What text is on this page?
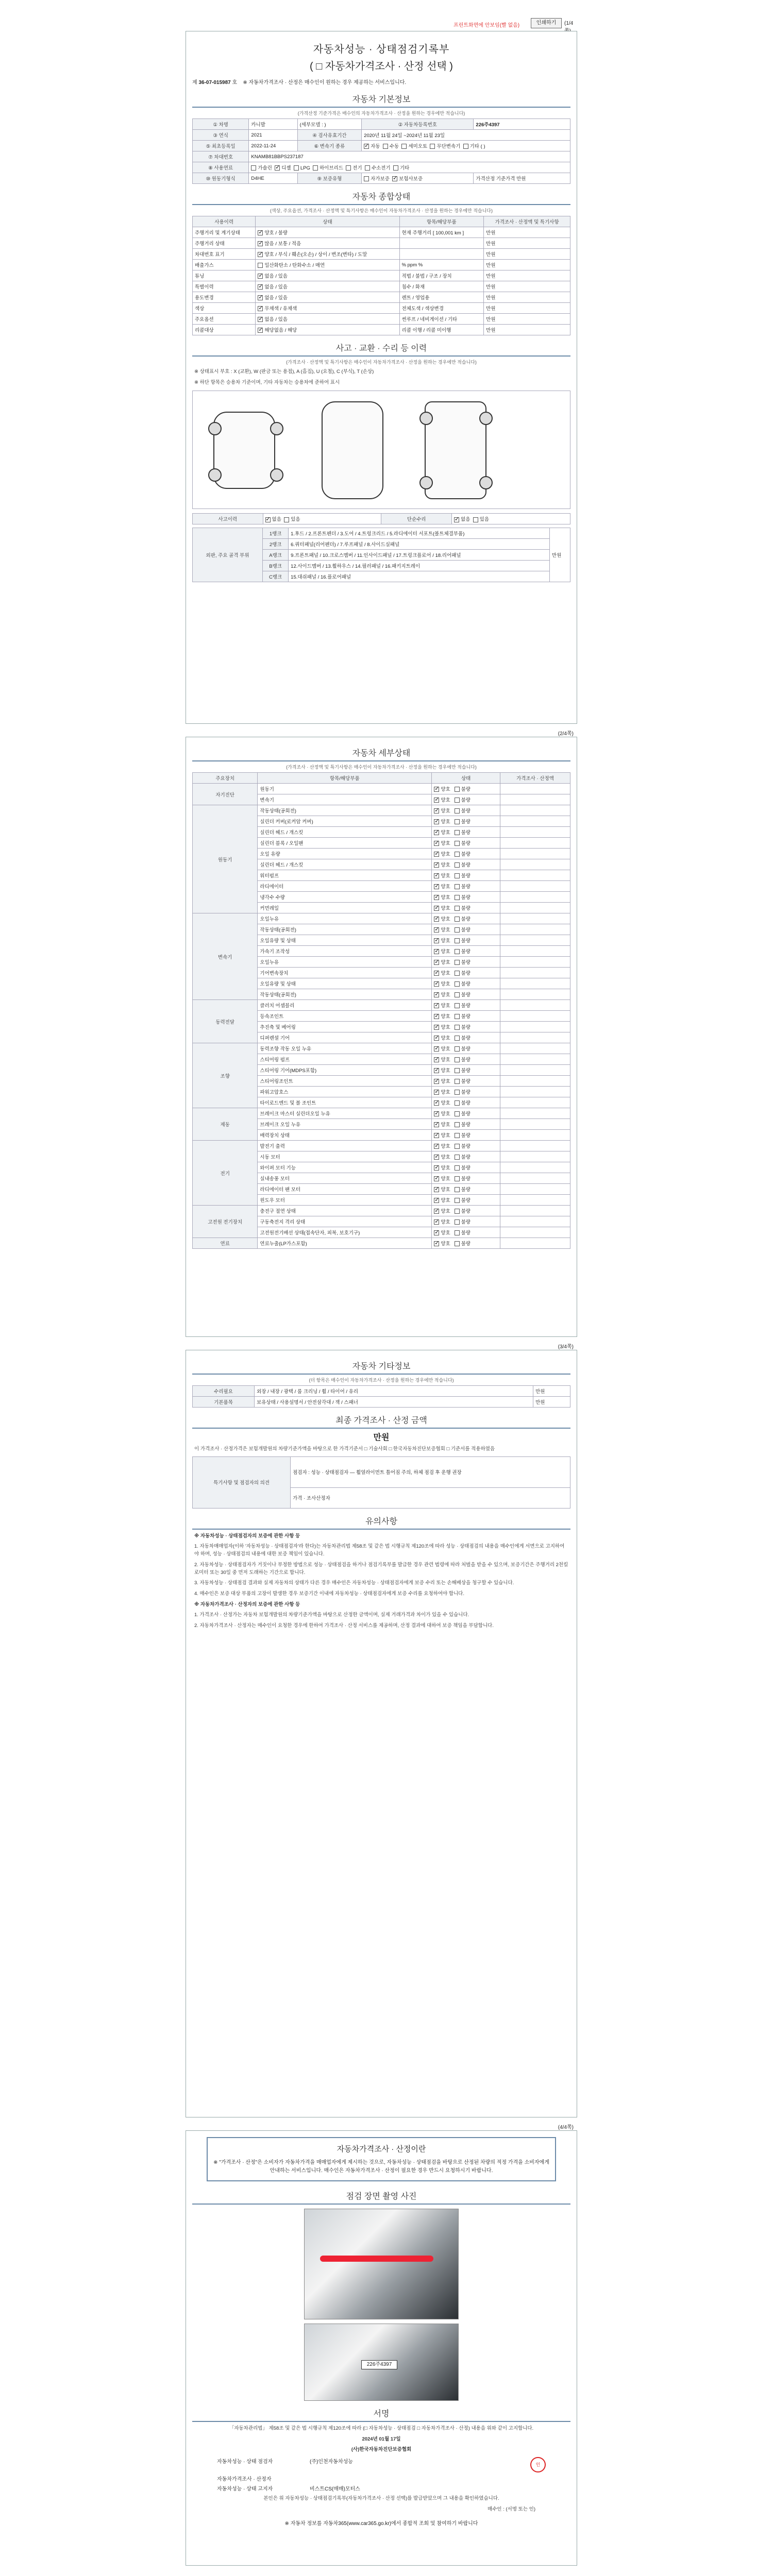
프린트화면에 안보임(빨 없음)	인쇄하기	(1/4
자동차성능 · 상태점검기록부
( □ 자동차가격조사 · 산정 선택 )
제 36-07-015987 호 ※ 자동차가격조사 · 산정은 매수인이 원하는 경우 제공하는 서비스입니다.
자동차 기본정보
(가격산정 기준가격은 매수인의 자동차가격조사 · 산정을 원하는 경우에만 적습니다)
① 차명	카니발	(세부모델 : )	② 자동차등록번호	226주4397
③ 연식	2021	④ 검사유효기간	2020년 11월 24일 ~2024년 11월 23일	
⑤ 최초등록일	2022-11-24	⑥ 변속기 종류	✓자동 수동 세미오토 무단변속기 기타 ( )
⑦ 차대번호	KNAMB81BBPS237187			
⑧ 사용연료	가솔린 ✓ 디젤 LPG 하이브리드 전기 수소전기 기타
⑩ 원동기형식	D4HE	⑨ 보증유형	자가보증 ✓ 보험사보증	가격산정 기준가격 만원
자동차 종합상태
(색상, 주요옵션, 가격조사 · 산정액 및 특기사항은 매수인이 자동차가격조사 · 산정을 원하는 경우에만 적습니다)
사용이력	상태	항목/해당부품	가격조사 · 산정액 및 특기사항
주행거리 및 계기상태	✓양호 / 불량	현재 주행거리 [ 100,001 km ]	만원
주행거리 상태	✓많음 / 보통 / 적음		만원
차대번호 표기	✓양호 / 부식 / 훼손(오손) / 상이 / 변조(변타) / 도말		만원
배출가스	일산화탄소 / 탄화수소 / 매연	% ppm %	만원
튜닝	✓없음 / 있음	적법 / 불법 / 구조 / 장치	만원
특별이력	✓없음 / 있음	침수 / 화재	만원
용도변경	✓없음 / 있음	렌트 / 영업용	만원
색상	✓무채색 / 유채색	전체도색 / 색상변경	만원
주요옵션	✓없음 / 있음	썬루프 / 네비게이션 / 기타	만원
리콜대상	✓해당없음 / 해당	리콜 이행 / 리콜 미이행	만원
사고 · 교환 · 수리 등 이력
(가격조사 · 산정액 및 특기사항은 매수인이 자동차가격조사 · 산정을 원하는 경우에만 적습니다)
※ 상태표시 부호 : X (교환), W (판금 또는 용접), A (흠집), U (요철), C (부식), T (손상)
※ 하단 항목은 승용차 기준이며, 기타 자동차는 승용차에 준하여 표시
사고이력	✓없음 있음	단순수리	✓없음 있음
외판, 주요 골격 부위	1랭크	1.후드 / 2.프론트펜더 / 3.도어 / 4.트렁크리드 / 5.라디에이터 서포트(볼트체결부품)	만원
	2랭크	6.쿼터패널(리어펜더) / 7.루프패널 / 8.사이드실패널	
	A랭크	9.프론트패널 / 10.크로스멤버 / 11.인사이드패널 / 17.트렁크플로어 / 18.리어패널	
	B랭크	12.사이드멤버 / 13.휠하우스 / 14.필러패널 / 16.패키지트레이	
	C랭크	15.대쉬패널 / 16.플로어패널	
(2/4쪽)
자동차 세부상태
(가격조사 · 산정액 및 특기사항은 매수인이 자동차가격조사 · 산정을 원하는 경우에만 적습니다)
주요장치	항목/해당부품	상태	가격조사 · 산정액
자기진단	원동기	✓양호   불량	
	변속기	✓양호   불량	
원동기	작동상태(공회전)	✓양호   불량	
	실린더 커버(로커암 커버)	✓양호   불량	
	실린더 헤드 / 개스킷	✓양호   불량	
	실린더 블록 / 오일팬	✓양호   불량	
	오일 유량	✓양호   불량	
	실린더 헤드 / 개스킷	✓양호   불량	
	워터펌프	✓양호   불량	
	라디에이터	✓양호   불량	
	냉각수 수량	✓양호   불량	
	커먼레일	✓양호   불량	
변속기	오일누유	✓양호   불량	
	작동상태(공회전)	✓양호   불량	
	오일유량 및 상태	✓양호   불량	
	가속기 조작성	✓양호   불량	
	오일누유	✓양호   불량	
	기어변속장치	✓양호   불량	
	오일유량 및 상태	✓양호   불량	
	작동상태(공회전)	✓양호   불량	
동력전달	클러치 어셈블리	✓양호   불량	
	등속조인트	✓양호   불량	
	추진축 및 베어링	✓양호   불량	
	디퍼렌셜 기어	✓양호   불량	
조향	동력조향 작동 오일 누유	✓양호   불량	
	스티어링 펌프	✓양호   불량	
	스티어링 기어(MDPS포함)	✓양호   불량	
	스티어링조인트	✓양호   불량	
	파워고압호스	✓양호   불량	
	타이로드엔드 및 볼 조인트	✓양호   불량	
제동	브레이크 마스터 실린더오일 누유	✓양호   불량	
	브레이크 오일 누유	✓양호   불량	
	배력장치 상태	✓양호   불량	
전기	발전기 출력	✓양호   불량	
	시동 모터	✓양호   불량	
	와이퍼 모터 기능	✓양호   불량	
	실내송풍 모터	✓양호   불량	
	라디에이터 팬 모터	✓양호   불량	
	윈도우 모터	✓양호   불량	
고전원 전기장치	충전구 절연 상태	✓양호   불량	
	구동축전지 격리 상태	✓양호   불량	
	고전원전기배선 상태(접속단자, 피복, 보호기구)	✓양호   불량	
연료	연료누출(LP가스포함)	✓양호   불량	
(3/4쪽)
자동차 기타정보
(더 항목은 매수인이 자동차가격조사 · 산정을 원하는 경우에만 적습니다)
수리필요	외장 / 내장 / 광택 / 룸 크리닝 / 휠 / 타이어 / 유리	만원
기본품목	보유상태 / 사용설명서 / 안전삼각대 / 잭 / 스패너	만원
최종 가격조사 · 산정 금액
만원
이 가격조사 · 산정가격은 보험개발원의 차량기준가액을 바탕으로 한 가격기준서 □ 기술사회 □ 한국자동차진단보증협회 □ 기준서를 적용하였음
특기사항 및 점검자의 의견	점검자 : 성능 · 상태점검자 — 휠얼라이먼트 틀어짐 주의, 하체 점검 후 운행 권장
가격 · 조사산정자
유의사항
※ 자동차성능 · 상태점검자의 보증에 관한 사항 등
1. 자동차매매업자(이하 '자동차성능 · 상태점검자'라 한다)는 자동차관리법 제58조 및 같은 법 시행규칙 제120조에 따라 성능 · 상태점검의 내용을 매수인에게 서면으로 고지하여야 하며, 성능 · 상태점검의 내용에 대한 보증 책임이 있습니다.
2. 자동차성능 · 상태점검자가 거짓이나 부정한 방법으로 성능 · 상태점검을 하거나 점검기록부를 발급한 경우 관련 법령에 따라 처벌을 받을 수 있으며, 보증기간은 주행거리 2천킬로미터 또는 30일 중 먼저 도래하는 기간으로 합니다.
3. 자동차성능 · 상태점검 결과와 실제 자동차의 상태가 다른 경우 매수인은 자동차성능 · 상태점검자에게 보증 수리 또는 손해배상을 청구할 수 있습니다.
4. 매수인은 보증 대상 부품의 고장이 발생한 경우 보증기간 이내에 자동차성능 · 상태점검자에게 보증 수리를 요청하여야 합니다.
※ 자동차가격조사 · 산정자의 보증에 관한 사항 등
1. 가격조사 · 산정가는 자동차 보험개발원의 차량기준가액을 바탕으로 산정한 금액이며, 실제 거래가격과 차이가 있을 수 있습니다.
2. 자동차가격조사 · 산정자는 매수인이 요청한 경우에 한하여 가격조사 · 산정 서비스를 제공하며, 산정 결과에 대하여 보증 책임을 부담합니다.
(4/4쪽)
자동차가격조사 · 산정이란
※ "가격조사 · 산정"은 소비자가 자동차가격을 매매업자에게 제시하는 것으로, 자동차성능 · 상태점검을 바탕으로 산정된 차량의 적정 가격을 소비자에게 안내하는 서비스입니다. 매수인은 자동차가격조사 · 산정이 필요한 경우 반드시 요청하시기 바랍니다.
점검 장면 촬영 사진
226주4397
서명
「자동차관리법」 제58조 및 같은 법 시행규칙 제120조에 따라 (□ 자동차성능 · 상태점검 □ 자동차가격조사 · 산정) 내용을 위와 같이 고지합니다.
2024년 01월 17일
(사)한국자동차진단보증협회
자동차성능 · 상태 점검자	(주)인천자동차성능	인
자동차가격조사 · 산정자
자동차성능 · 상태 고지자	비스트CS(매매)모터스
본인은 위 자동차성능 · 상태점검기록부(자동차가격조사 · 산정 선택)를 발급받았으며 그 내용을 확인하였습니다.
매수인 : (서명 또는 인)
※ 자동차 정보를 자동차365(www.car365.go.kr)에서 종합적 조회 및 참여하기 바랍니다
